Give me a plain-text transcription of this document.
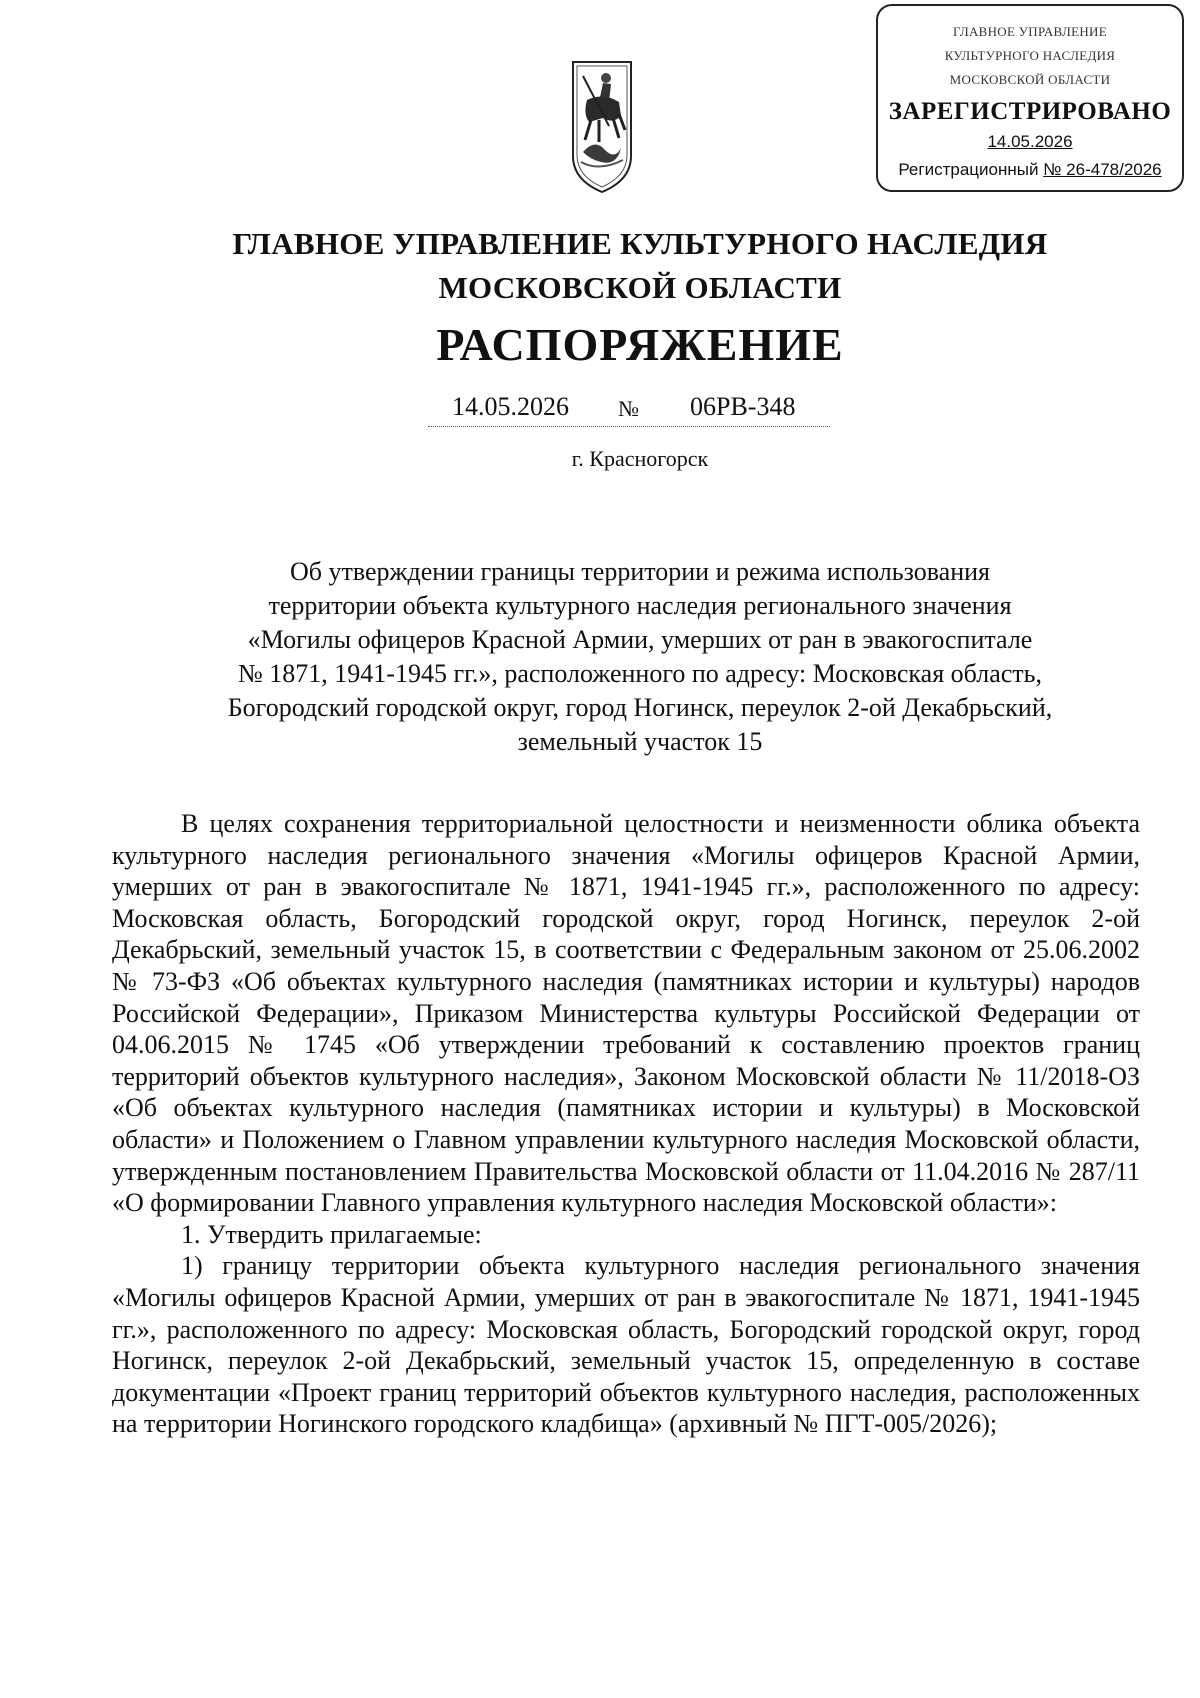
ГЛАВНОЕ УПРАВЛЕНИЕ
КУЛЬТУРНОГО НАСЛЕДИЯ
МОСКОВСКОЙ ОБЛАСТИ
ЗАРЕГИСТРИРОВАНО
14.05.2026
Регистрационный № 26-478/2026
ГЛАВНОЕ УПРАВЛЕНИЕ КУЛЬТУРНОГО НАСЛЕДИЯ
МОСКОВСКОЙ ОБЛАСТИ
РАСПОРЯЖЕНИЕ
14.05.2026 № 06РВ-348
г. Красногорск
Об утверждении границы территории и режима использования
территории объекта культурного наследия регионального значения
«Могилы офицеров Красной Армии, умерших от ран в эвакогоспитале
№ 1871, 1941-1945 гг.», расположенного по адресу: Московская область,
Богородский городской округ, город Ногинск, переулок 2-ой Декабрьский,
земельный участок 15

В целях сохранения территориальной целостности и неизменности облика объекта культурного наследия регионального значения «Могилы офицеров Красной Армии, умерших от ран в эвакогоспитале № 1871, 1941-1945 гг.», расположенного по адресу: Московская область, Богородский городской округ, город Ногинск, переулок 2-ой Декабрьский, земельный участок 15, в соответствии с Федеральным законом от 25.06.2002 № 73-ФЗ «Об объектах культурного наследия (памятниках истории и культуры) народов Российской Федерации», Приказом Министерства культуры Российской Федерации от 04.06.2015 № 1745 «Об утверждении требований к составлению проектов границ территорий объектов культурного наследия», Законом Московской области № 11/2018-ОЗ «Об объектах культурного наследия (памятниках истории и культуры) в Московской области» и Положением о Главном управлении культурного наследия Московской области, утвержденным постановлением Правительства Московской области от 11.04.2016 № 287/11 «О формировании Главного управления культурного наследия Московской области»:

1. Утвердить прилагаемые:

1) границу территории объекта культурного наследия регионального значения «Могилы офицеров Красной Армии, умерших от ран в эвакогоспитале № 1871, 1941-1945 гг.», расположенного по адресу: Московская область, Богородский городской округ, город Ногинск, переулок 2-ой Декабрьский, земельный участок 15, определенную в составе документации «Проект границ территорий объектов культурного наследия, расположенных на территории Ногинского городского кладбища» (архивный № ПГТ-005/2026);
